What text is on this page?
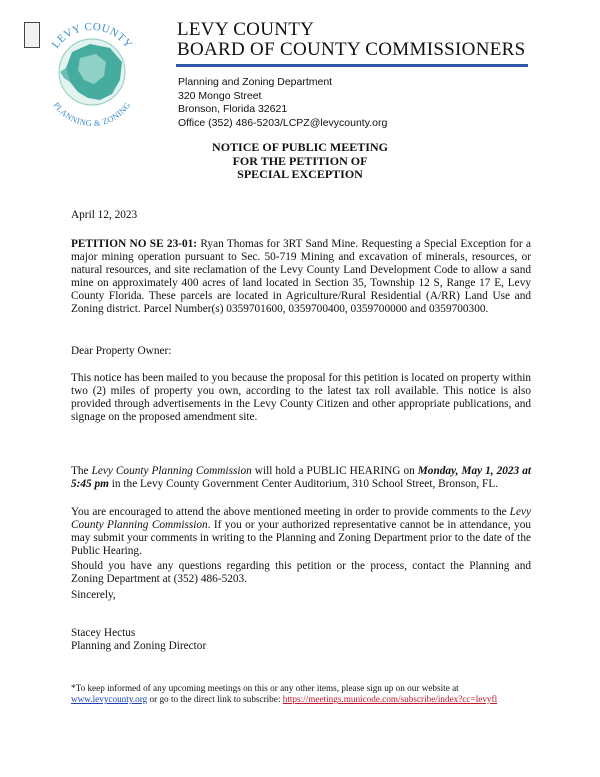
LEVY COUNTY
PLANNING & ZONING
LEVY COUNTY
BOARD OF COUNTY COMMISSIONERS
Planning and Zoning Department
320 Mongo Street
Bronson, Florida 32621
Office (352) 486-5203/LCPZ@levycounty.org
NOTICE OF PUBLIC MEETING
FOR THE PETITION OF
SPECIAL EXCEPTION
April 12, 2023

PETITION NO SE 23-01: Ryan Thomas for 3RT Sand Mine. Requesting a Special Exception for a major mining operation pursuant to Sec. 50-719 Mining and excavation of minerals, resources, or natural resources, and site reclamation of the Levy County Land Development Code to allow a sand mine on approximately 400 acres of land located in Section 35, Township 12 S, Range 17 E, Levy County Florida. These parcels are located in Agriculture/Rural Residential (A/RR) Land Use and Zoning district. Parcel Number(s) 0359701600, 0359700400, 0359700000 and 0359700300.

Dear Property Owner:

This notice has been mailed to you because the proposal for this petition is located on property within two (2) miles of property you own, according to the latest tax roll available. This notice is also provided through advertisements in the Levy County Citizen and other appropriate publications, and signage on the proposed amendment site.

The Levy County Planning Commission will hold a PUBLIC HEARING on Monday, May 1, 2023 at 5:45 pm in the Levy County Government Center Auditorium, 310 School Street, Bronson, FL.

You are encouraged to attend the above mentioned meeting in order to provide comments to the Levy County Planning Commission. If you or your authorized representative cannot be in attendance, you may submit your comments in writing to the Planning and Zoning Department prior to the date of the Public Hearing.

Should you have any questions regarding this petition or the process, contact the Planning and Zoning Department at (352) 486-5203.

Sincerely,
Stacey Hectus
Planning and Zoning Director
*To keep informed of any upcoming meetings on this or any other items, please sign up on our website at
www.levycounty.org or go to the direct link to subscribe: https://meetings.municode.com/subscribe/index?cc=levyfl
